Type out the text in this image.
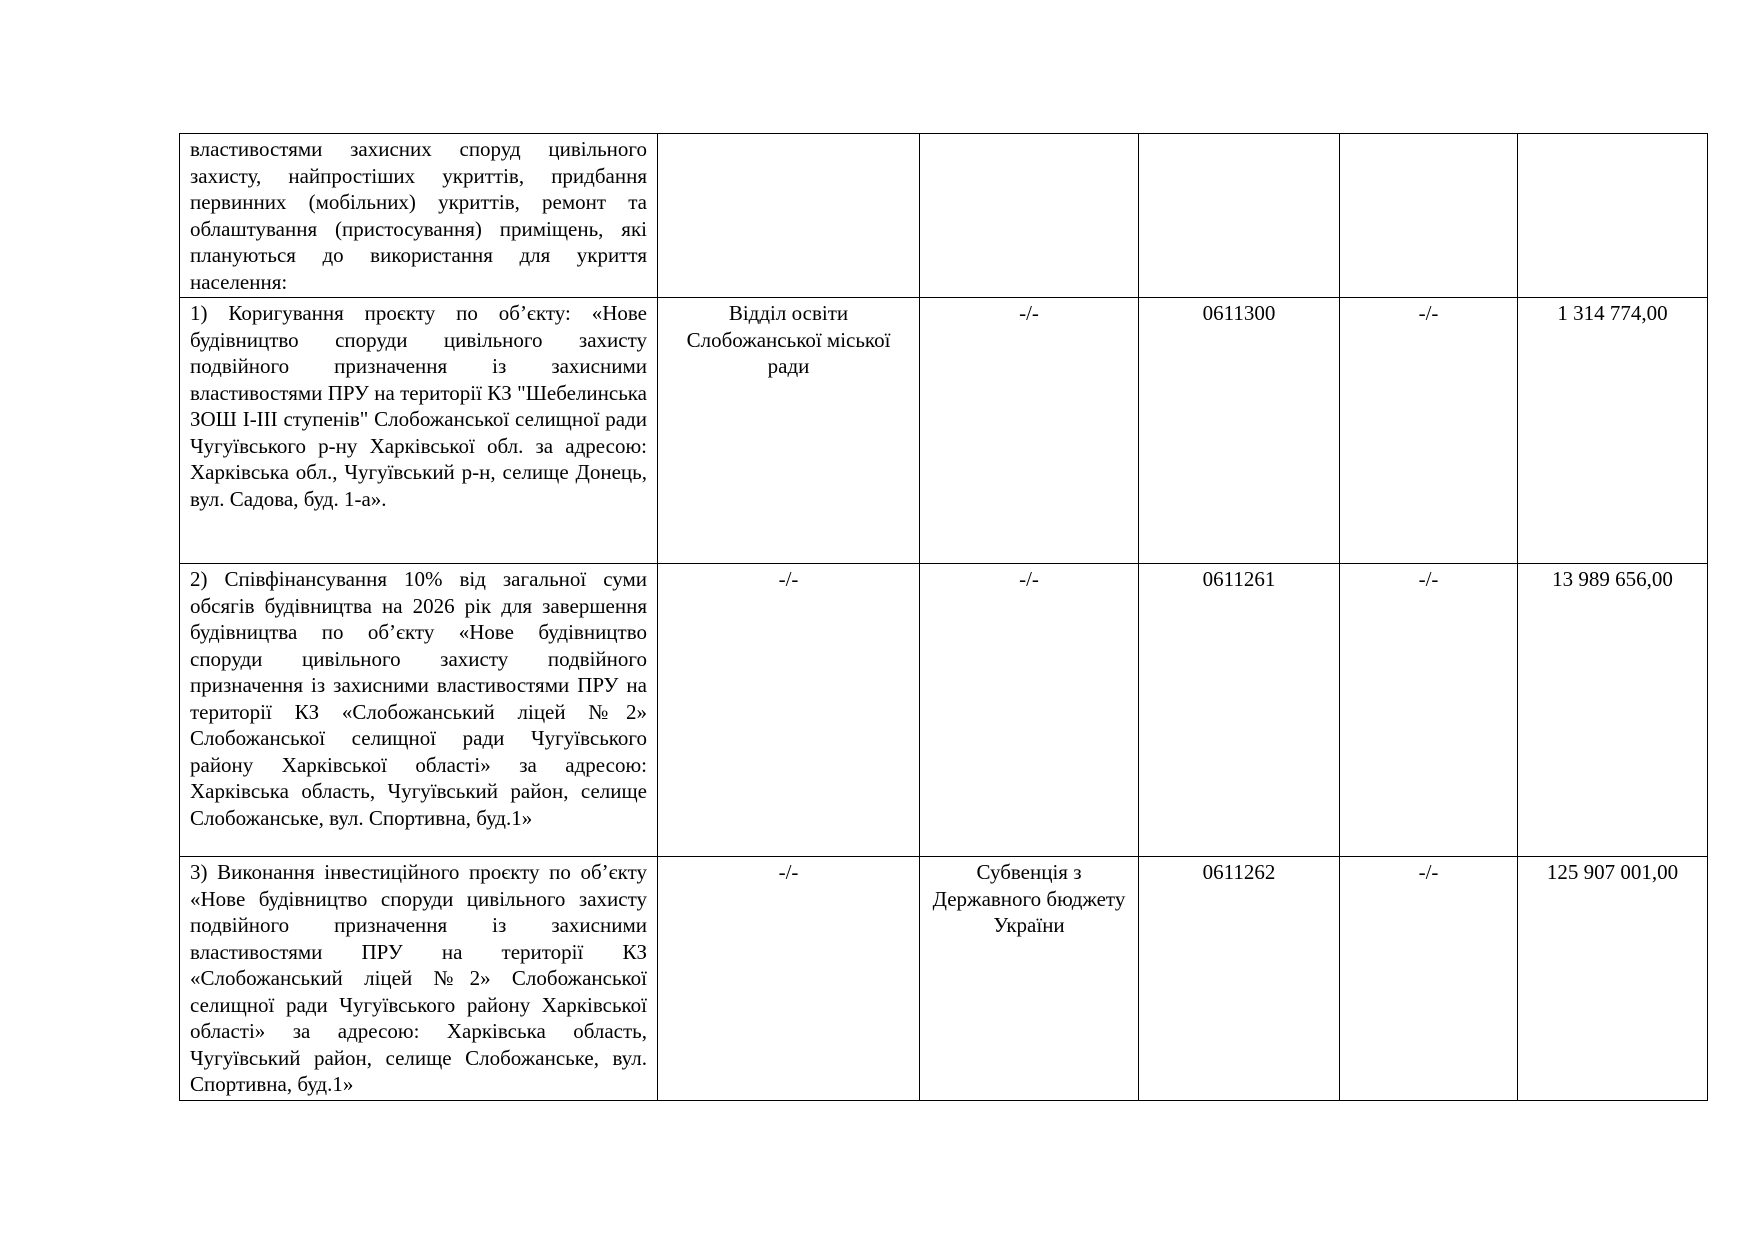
властивостями захисних споруд цивільного захисту, найпростіших укриттів, придбання первинних (мобільних) укриттів, ремонт та облаштування (пристосування) приміщень, які плануються до використання для укриття населення:					
1) Коригування проєкту по об’єкту: «Нове будівництво споруди цивільного захисту подвійного призначення із захисними властивостями ПРУ на території КЗ "Шебелинська ЗОШ І-ІІІ ступенів" Слобожанської селищної ради Чугуївського р-ну Харківської обл. за адресою: Харківська обл., Чугуївський р-н, селище Донець, вул. Садова, буд. 1-а».	Відділ освіти Слобожанської міської ради	-/-	0611300	-/-	1 314 774,00
2) Співфінансування 10% від загальної суми обсягів будівництва на 2026 рік для завершення будівництва по об’єкту «Нове будівництво споруди цивільного захисту подвійного призначення із захисними властивостями ПРУ на території КЗ «Слобожанський ліцей №2» Слобожанської селищної ради Чугуївського району Харківської області» за адресою: Харківська область, Чугуївський район, селище Слобожанське, вул. Спортивна, буд.1»	-/-	-/-	0611261	-/-	13 989 656,00
3) Виконання інвестиційного проєкту по об’єкту «Нове будівництво споруди цивільного захисту подвійного призначення із захисними властивостями ПРУ на території КЗ «Слобожанський ліцей №2» Слобожанської селищної ради Чугуївського району Харківської області» за адресою: Харківська область, Чугуївський район, селище Слобожанське, вул. Спортивна, буд.1»	-/-	Субвенція з Державного бюджету України	0611262	-/-	125 907 001,00
